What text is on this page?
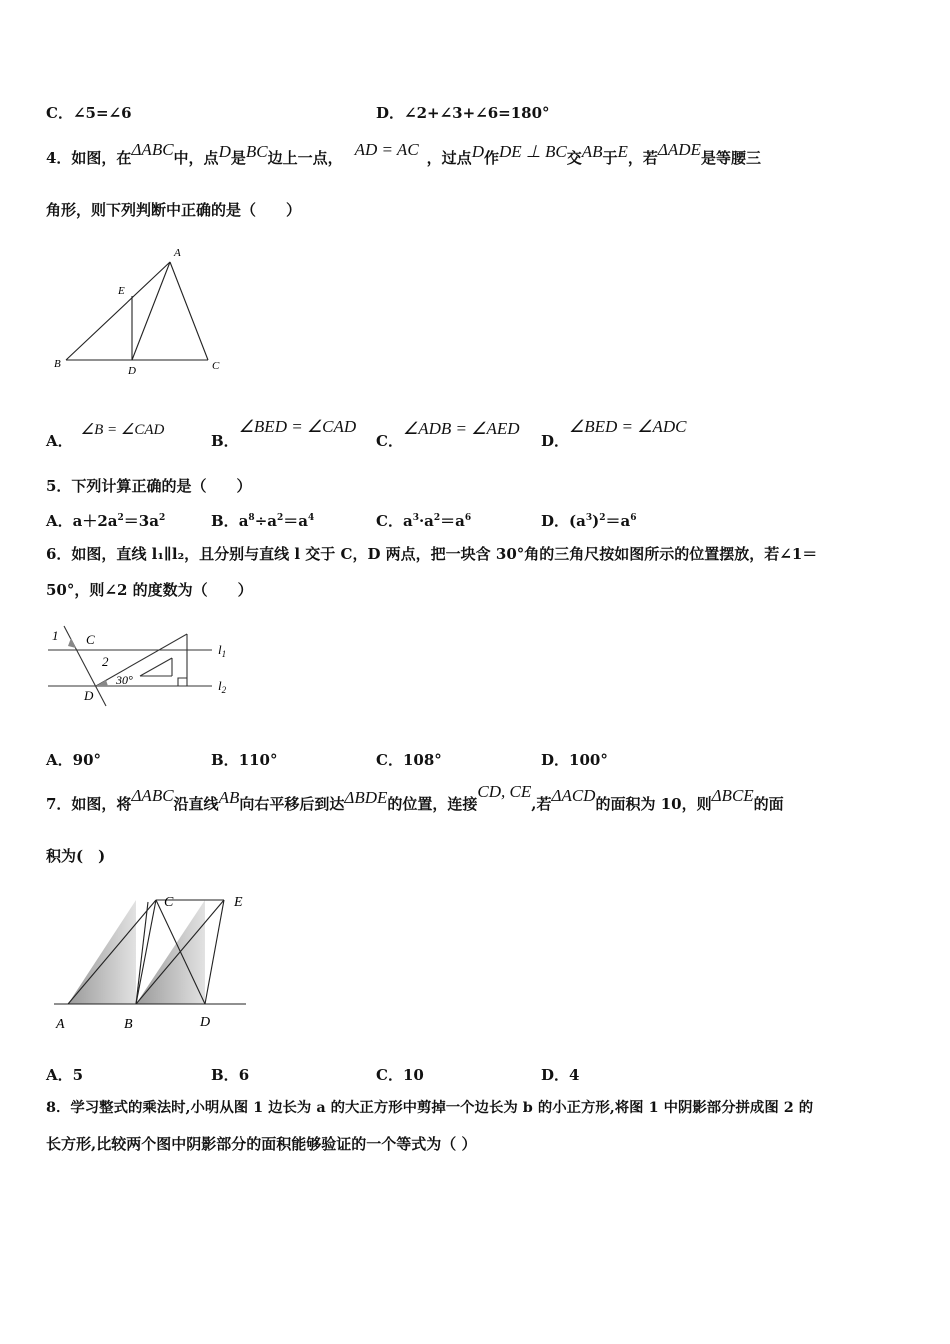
C．∠5=∠6	D．∠2+∠3+∠6=180°
4．如图，在ΔABC中，点D是BC边上一点， AD = AC ，过点D作DE ⊥ BC交AB于E，若ΔADE是等腰三
角形，则下列判断中正确的是（　　）
A
E
B
D	C
A．∠B = ∠CAD
B．∠BED = ∠CAD
C．∠ADB = ∠AED
D．∠BED = ∠ADC
5．下列计算正确的是（　　）
A．$a+2a^2=3a^2$	B．$a^8\div a^2=a^4$	C．$a^3\cdot a^2=a^6$	D．$(a^3)^2=a^6$
6．如图，直线 l₁∥l₂，且分别与直线 l 交于 C，D 两点，把一块含 30°角的三角尺按如图所示的位置摆放，若∠1＝
50°，则∠2 的度数为（　　）
1 C
2
30°
D
$l_1$
$l_2$
A．90°	B．110°	C．108°	D．100°
7．如图，将ΔABC沿直线AB向右平移后到达ΔBDE的位置，连接CD, CE,若ΔACD的面积为 10，则ΔBCE的面
积为(　)
C	E
A	B	D
A．5	B．6	C．10	D．4
8．学习整式的乘法时,小明从图 1 边长为 a 的大正方形中剪掉一个边长为 b 的小正方形,将图 1 中阴影部分拼成图 2 的
长方形,比较两个图中阴影部分的面积能够验证的一个等式为（ ）
